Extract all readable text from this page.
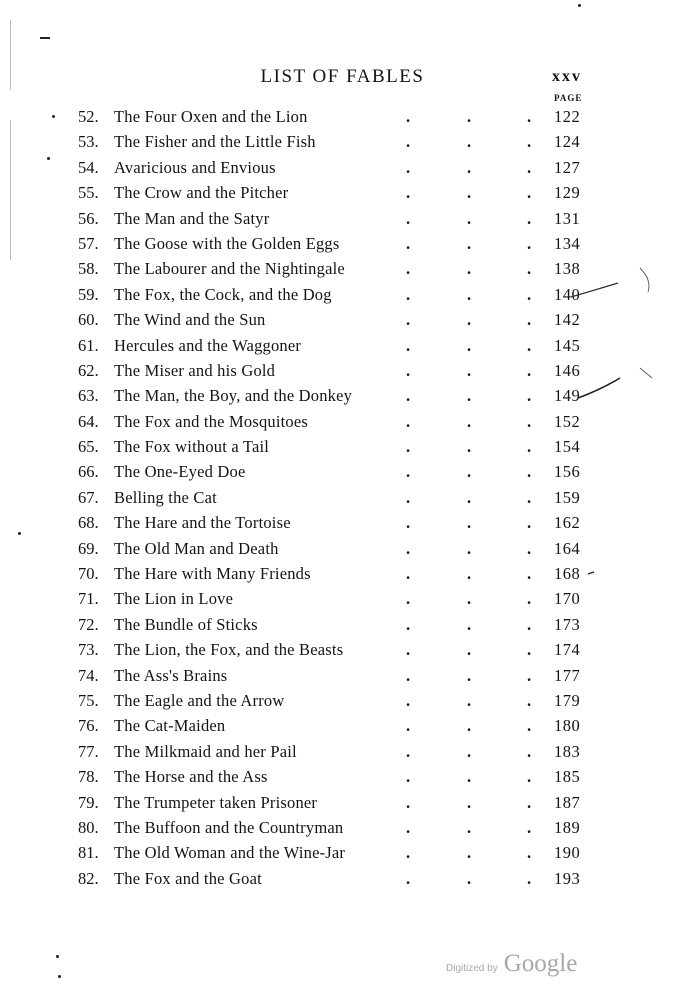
LIST OF FABLES	xxv
PAGE
52. The Four Oxen and the Lion	.	.	. 122
53. The Fisher and the Little Fish	.	.	. 124
54. Avaricious and Envious	.	.	. 127
55. The Crow and the Pitcher	.	.	. 129
56. The Man and the Satyr	.	.	. 131
57. The Goose with the Golden Eggs	.	.	. 134
58. The Labourer and the Nightingale	.	.	. 138
59. The Fox, the Cock, and the Dog	.	.	. 140
60. The Wind and the Sun	.	.	. 142
61. Hercules and the Waggoner	.	.	. 145
62. The Miser and his Gold	.	.	. 146
63. The Man, the Boy, and the Donkey	.	.	. 149
64. The Fox and the Mosquitoes	.	.	. 152
65. The Fox without a Tail	.	.	. 154
66. The One-Eyed Doe	.	.	. 156
67. Belling the Cat	.	.	. 159
68. The Hare and the Tortoise	.	.	. 162
69. The Old Man and Death	.	.	. 164
70. The Hare with Many Friends	.	.	. 168
71. The Lion in Love	.	.	. 170
72. The Bundle of Sticks	.	.	. 173
73. The Lion, the Fox, and the Beasts	.	.	. 174
74. The Ass's Brains	.	.	. 177
75. The Eagle and the Arrow	.	.	. 179
76. The Cat-Maiden	.	.	. 180
77. The Milkmaid and her Pail	.	.	. 183
78. The Horse and the Ass	.	.	. 185
79. The Trumpeter taken Prisoner	.	.	. 187
80. The Buffoon and the Countryman	.	.	. 189
81. The Old Woman and the Wine-Jar	.	.	. 190
82. The Fox and the Goat	.	.	. 193
Digitized by Google
